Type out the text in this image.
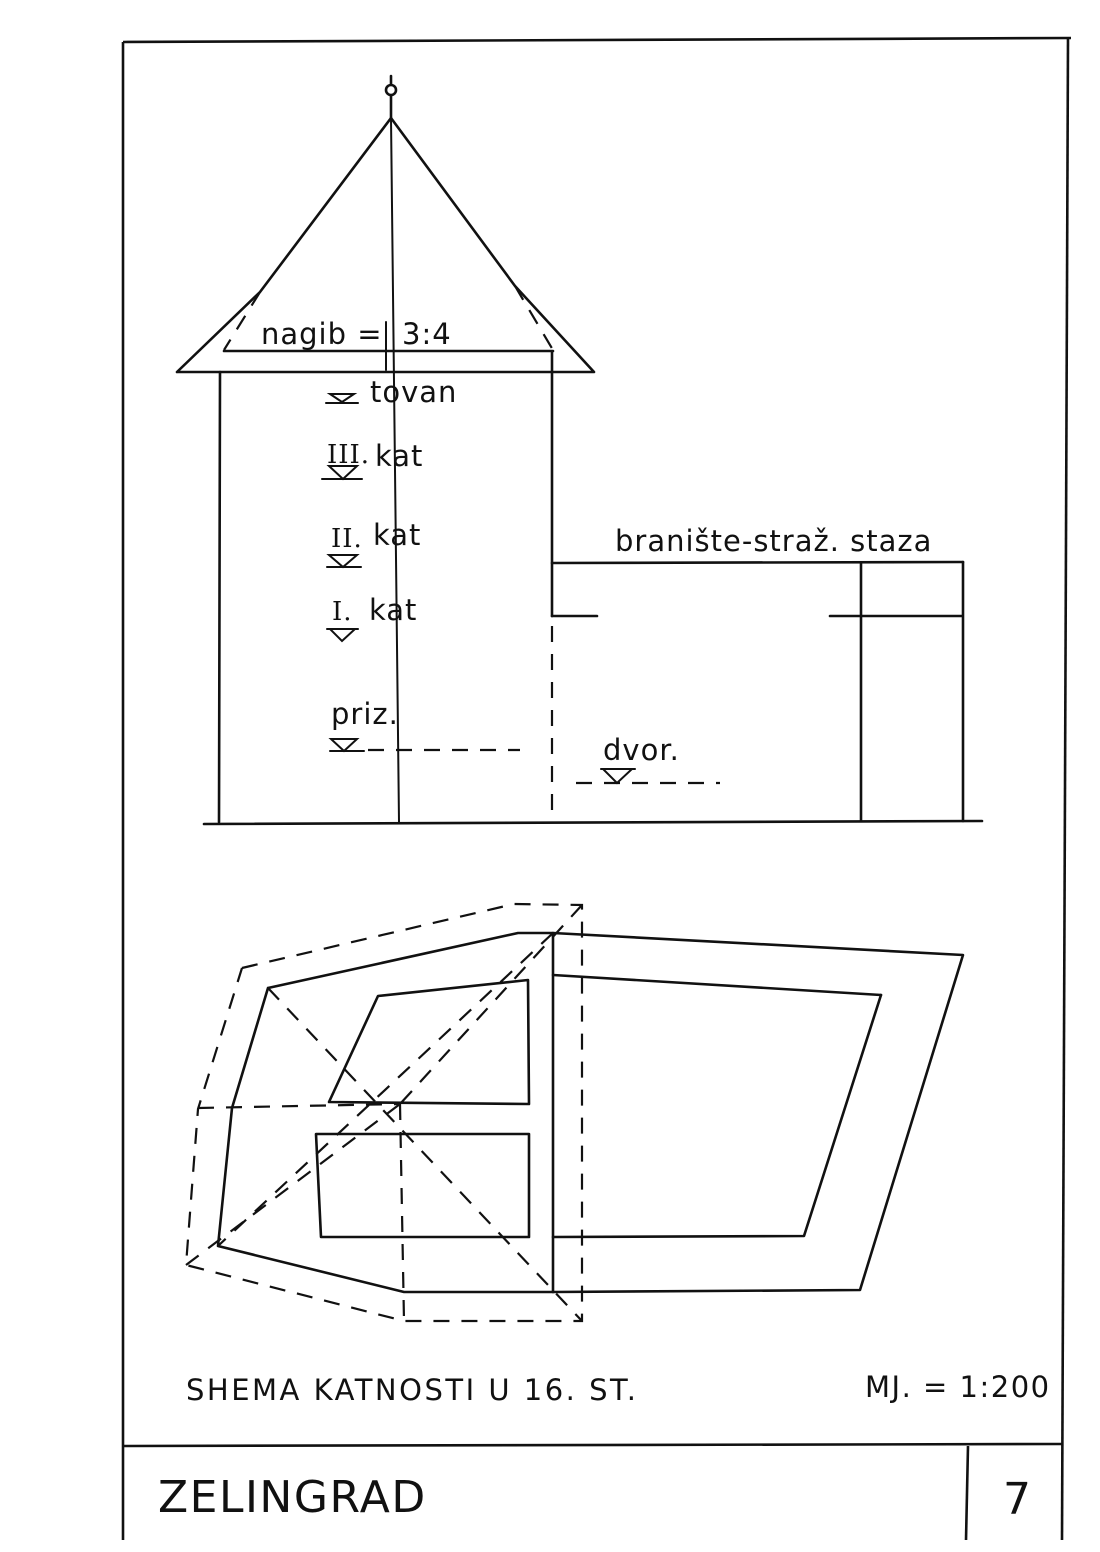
nagib = 3:4
tovan
III. kat
II. kat
I. kat
priz.
dvor.
branište-straž. staza
SHEMA KATNOSTI U 16. ST.	MJ. = 1:200
ZELINGRAD	7
